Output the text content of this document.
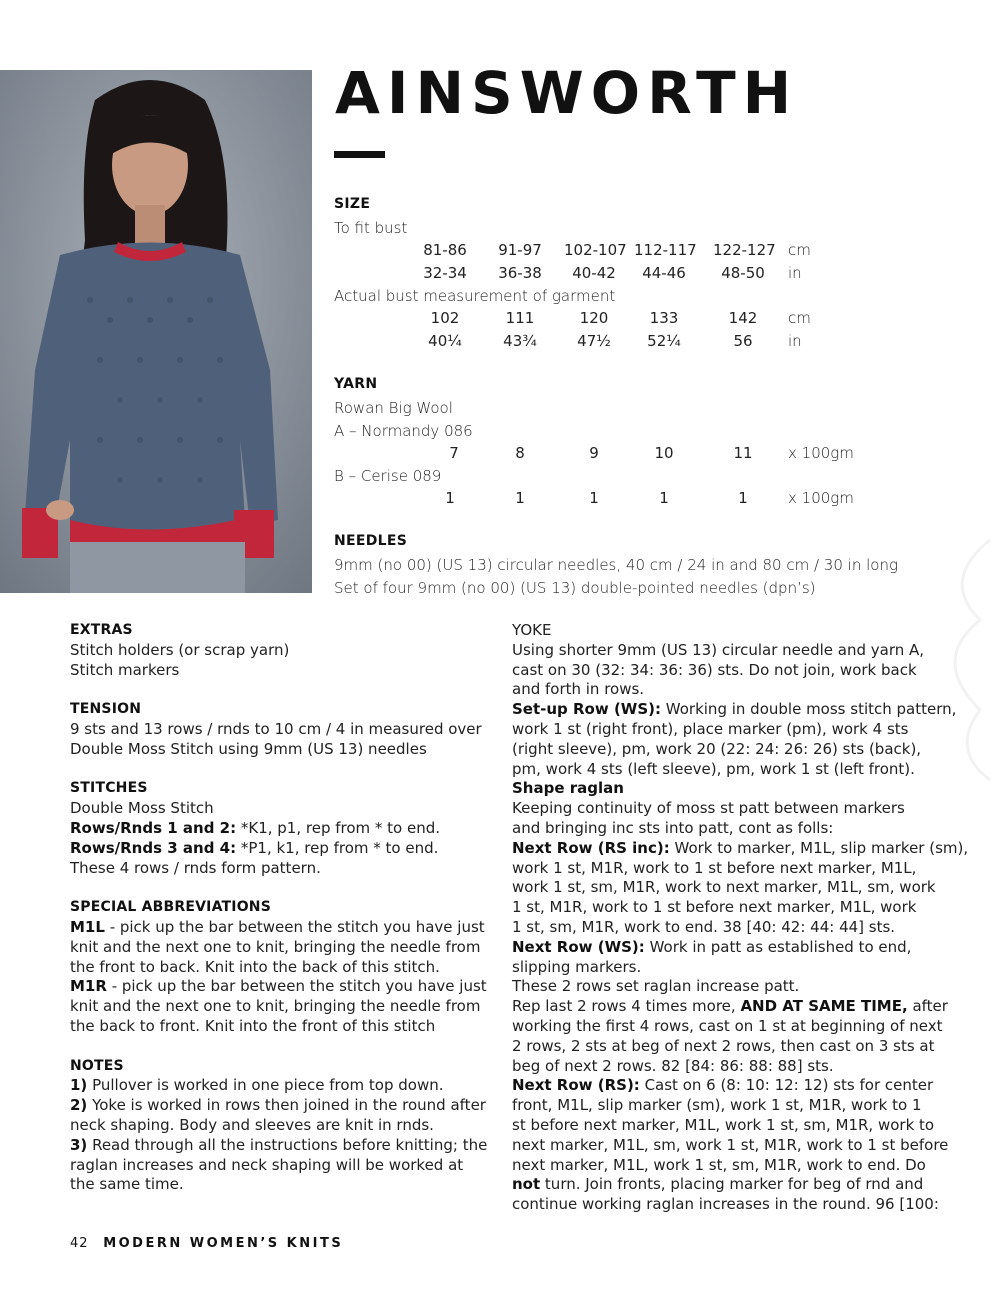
AINSWORTH
SIZE
To fit bust
81-86	91-97	102-107 112-117 122-127 cm
32-34	36-38	40-42	44-46	48-50	in
Actual bust measurement of garment
102	111	120	133	142	cm
40¼	43¾	47½	52¼	56	in
YARN
Rowan Big Wool
A – Normandy 086
7	8	9	10	11	x 100gm
B – Cerise 089
1	1	1	1	1	x 100gm
NEEDLES
9mm (no 00) (US 13) circular needles, 40 cm / 24 in and 80 cm / 30 in long
Set of four 9mm (no 00) (US 13) double-pointed needles (dpn’s)

EXTRAS

Stitch holders (or scrap yarn)

Stitch markers

TENSION

9 sts and 13 rows / rnds to 10 cm / 4 in measured over

Double Moss Stitch using 9mm (US 13) needles

STITCHES

Double Moss Stitch

Rows/Rnds 1 and 2: *K1, p1, rep from * to end.

Rows/Rnds 3 and 4: *P1, k1, rep from * to end.

These 4 rows / rnds form pattern.

SPECIAL ABBREVIATIONS

M1L - pick up the bar between the stitch you have just

knit and the next one to knit, bringing the needle from

the front to back. Knit into the back of this stitch.

M1R - pick up the bar between the stitch you have just

knit and the next one to knit, bringing the needle from

the back to front. Knit into the front of this stitch

NOTES

1) Pullover is worked in one piece from top down.

2) Yoke is worked in rows then joined in the round after

neck shaping. Body and sleeves are knit in rnds.

3) Read through all the instructions before knitting; the

raglan increases and neck shaping will be worked at

the same time.

YOKE

Using shorter 9mm (US 13) circular needle and yarn A,

cast on 30 (32: 34: 36: 36) sts. Do not join, work back

and forth in rows.

Set-up Row (WS): Working in double moss stitch pattern,

work 1 st (right front), place marker (pm), work 4 sts

(right sleeve), pm, work 20 (22: 24: 26: 26) sts (back),

pm, work 4 sts (left sleeve), pm, work 1 st (left front).

Shape raglan

Keeping continuity of moss st patt between markers

and bringing inc sts into patt, cont as folls:

Next Row (RS inc): Work to marker, M1L, slip marker (sm),

work 1 st, M1R, work to 1 st before next marker, M1L,

work 1 st, sm, M1R, work to next marker, M1L, sm, work

1 st, M1R, work to 1 st before next marker, M1L, work

1 st, sm, M1R, work to end. 38 [40: 42: 44: 44] sts.

Next Row (WS): Work in patt as established to end,

slipping markers.

These 2 rows set raglan increase patt.

Rep last 2 rows 4 times more, AND AT SAME TIME, after

working the first 4 rows, cast on 1 st at beginning of next

2 rows, 2 sts at beg of next 2 rows, then cast on 3 sts at

beg of next 2 rows. 82 [84: 86: 88: 88] sts.

Next Row (RS): Cast on 6 (8: 10: 12: 12) sts for center

front, M1L, slip marker (sm), work 1 st, M1R, work to 1

st before next marker, M1L, work 1 st, sm, M1R, work to

next marker, M1L, sm, work 1 st, M1R, work to 1 st before

next marker, M1L, work 1 st, sm, M1R, work to end. Do

not turn. Join fronts, placing marker for beg of rnd and

continue working raglan increases in the round. 96 [100:

42 MODERN WOMEN’S KNITS
